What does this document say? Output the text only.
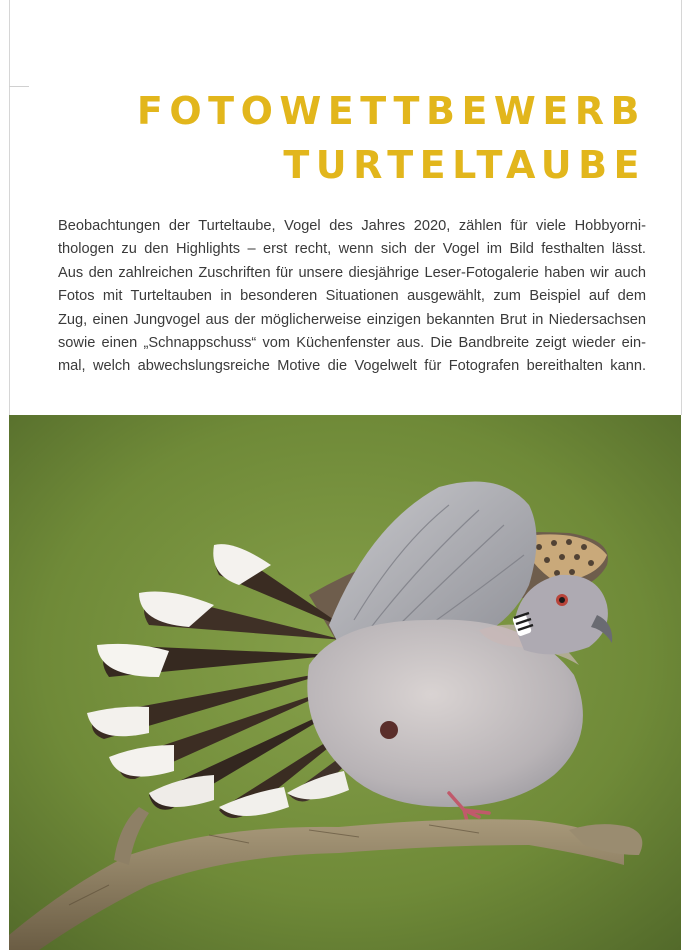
FOTOWETTBEWERB
TURTELTAUBE

Beobachtungen der Turteltaube, Vogel des Jahres 2020, zählen für viele Hobbyorni-
thologen zu den Highlights – erst recht, wenn sich der Vogel im Bild festhalten lässt.
Aus den zahlreichen Zuschriften für unsere diesjährige Leser-Fotogalerie haben wir auch
Fotos mit Turteltauben in besonderen Situationen ausgewählt, zum Beispiel auf dem
Zug, einen Jungvogel aus der möglicherweise einzigen bekannten Brut in Niedersachsen
sowie einen „Schnappschuss“ vom Küchenfenster aus. Die Bandbreite zeigt wieder ein-
mal, welch abwechslungsreiche Motive die Vogelwelt für Fotografen bereithalten kann.
